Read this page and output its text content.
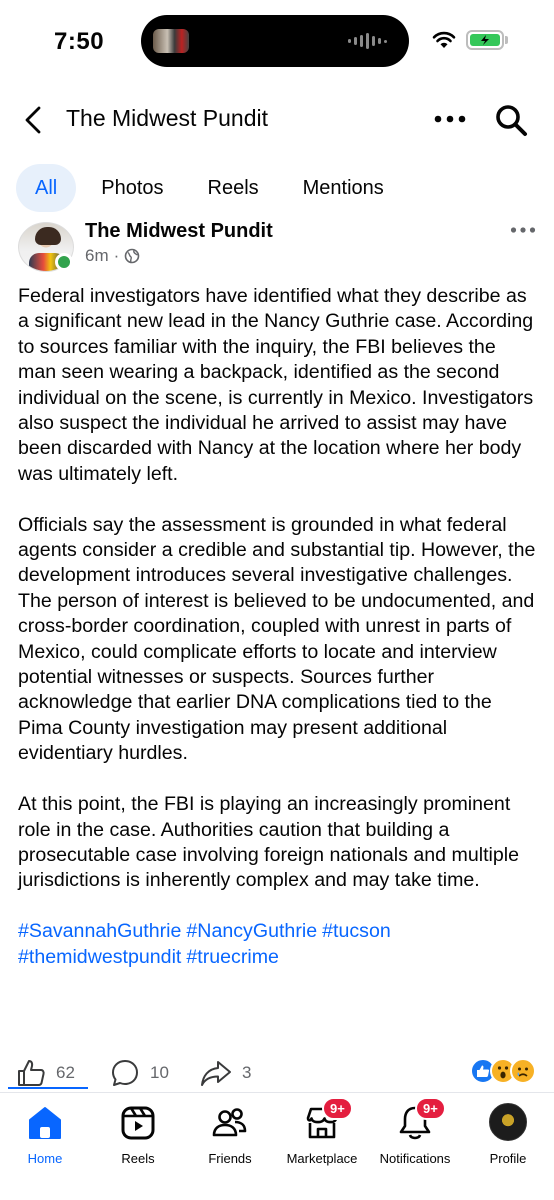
7:50
The Midwest Pundit
All	Photos	Reels	Mentions
The Midwest Pundit
6m ·

Federal investigators have identified what they describe as a significant new lead in the Nancy Guthrie case. According to sources familiar with the inquiry, the FBI believes the man seen wearing a backpack, identified as the second individual on the scene, is currently in Mexico. Investigators also suspect the individual he arrived to assist may have been discarded with Nancy at the location where her body was ultimately left.

Officials say the assessment is grounded in what federal agents consider a credible and substantial tip. However, the development introduces several investigative challenges. The person of interest is believed to be undocumented, and cross-border coordination, coupled with unrest in parts of Mexico, could complicate efforts to locate and interview potential witnesses or suspects. Sources further acknowledge that earlier DNA complications tied to the Pima County investigation may present additional evidentiary hurdles.

At this point, the FBI is playing an increasingly prominent role in the case. Authorities caution that building a prosecutable case involving foreign nationals and multiple jurisdictions is inherently complex and may take time.

#SavannahGuthrie #NancyGuthrie #tucson
#themidwestpundit #truecrime
62	10	3
Home	Reels	Friends
9+
Marketplace
9+
Notifications	Profile
